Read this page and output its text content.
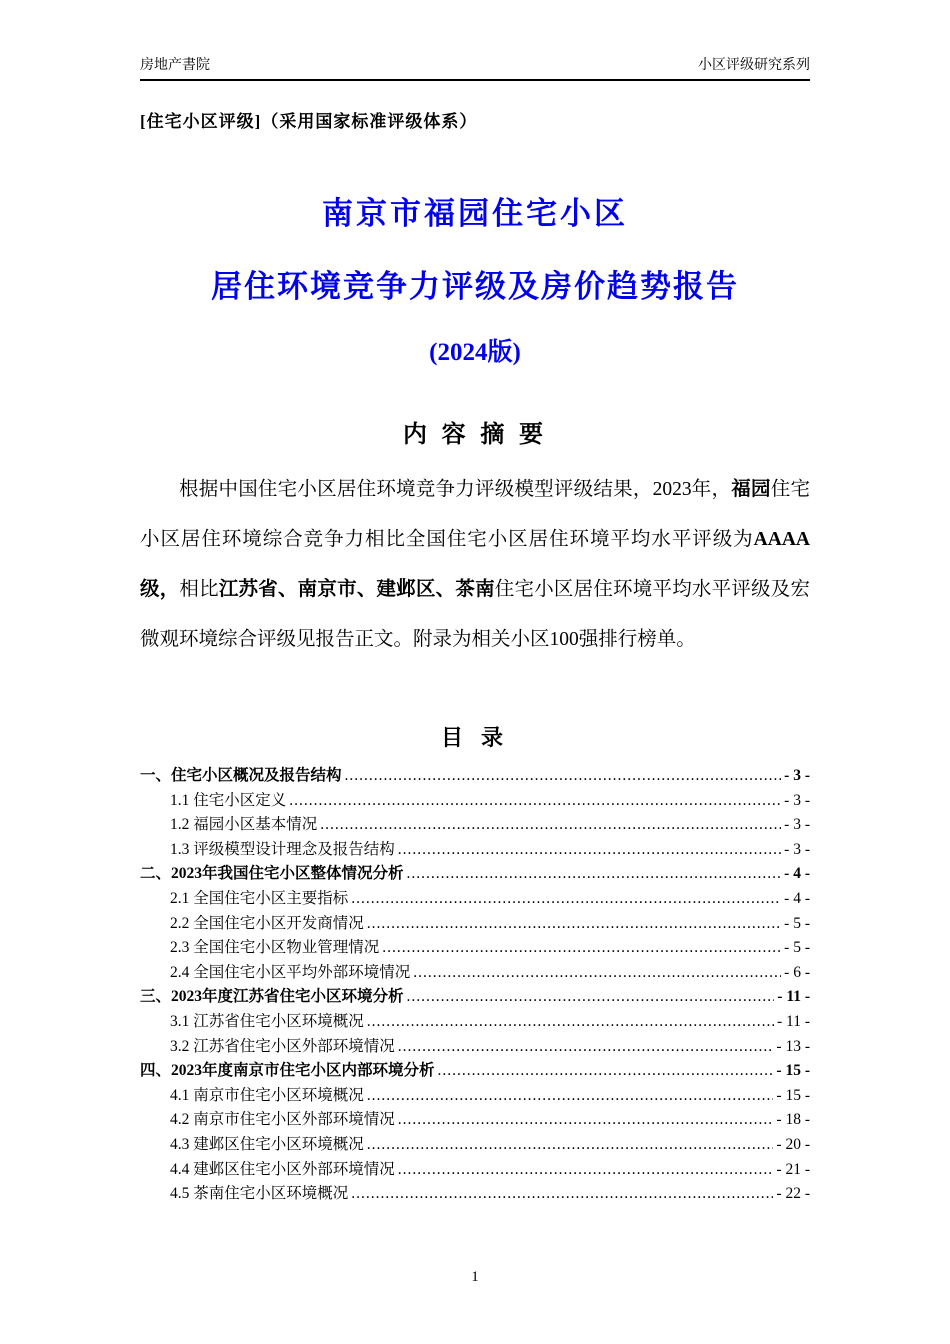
房地产書院	小区评级研究系列
[住宅小区评级]（采用国家标准评级体系）
南京市福园住宅小区
居住环境竞争力评级及房价趋势报告
(2024版)
内 容 摘 要

根据中国住宅小区居住环境竞争力评级模型评级结果，2023年，福园住宅小区居住环境综合竞争力相比全国住宅小区居住环境平均水平评级为AAAA级，相比江苏省、南京市、建邺区、茶南住宅小区居住环境平均水平评级及宏微观环境综合评级见报告正文。附录为相关小区100强排行榜单。

目 录
一、住宅小区概况及报告结构 .....	- 3 -
1.1 住宅小区定义 .....	- 3 -
1.2 福园小区基本情况 .....	- 3 -
1.3 评级模型设计理念及报告结构 .....	- 3 -
二、2023年我国住宅小区整体情况分析 .....	- 4 -
2.1 全国住宅小区主要指标 .....	- 4 -
2.2 全国住宅小区开发商情况 .....	- 5 -
2.3 全国住宅小区物业管理情况 .....	- 5 -
2.4 全国住宅小区平均外部环境情况 .....	- 6 -
三、2023年度江苏省住宅小区环境分析 .....	- 11 -
3.1 江苏省住宅小区环境概况 .....	- 11 -
3.2 江苏省住宅小区外部环境情况 .....	- 13 -
四、2023年度南京市住宅小区内部环境分析 .....	- 15 -
4.1 南京市住宅小区环境概况 .....	- 15 -
4.2 南京市住宅小区外部环境情况 .....	- 18 -
4.3 建邺区住宅小区环境概况 .....	- 20 -
4.4 建邺区住宅小区外部环境情况 .....	- 21 -
4.5 茶南住宅小区环境概况 .....	- 22 -
1
